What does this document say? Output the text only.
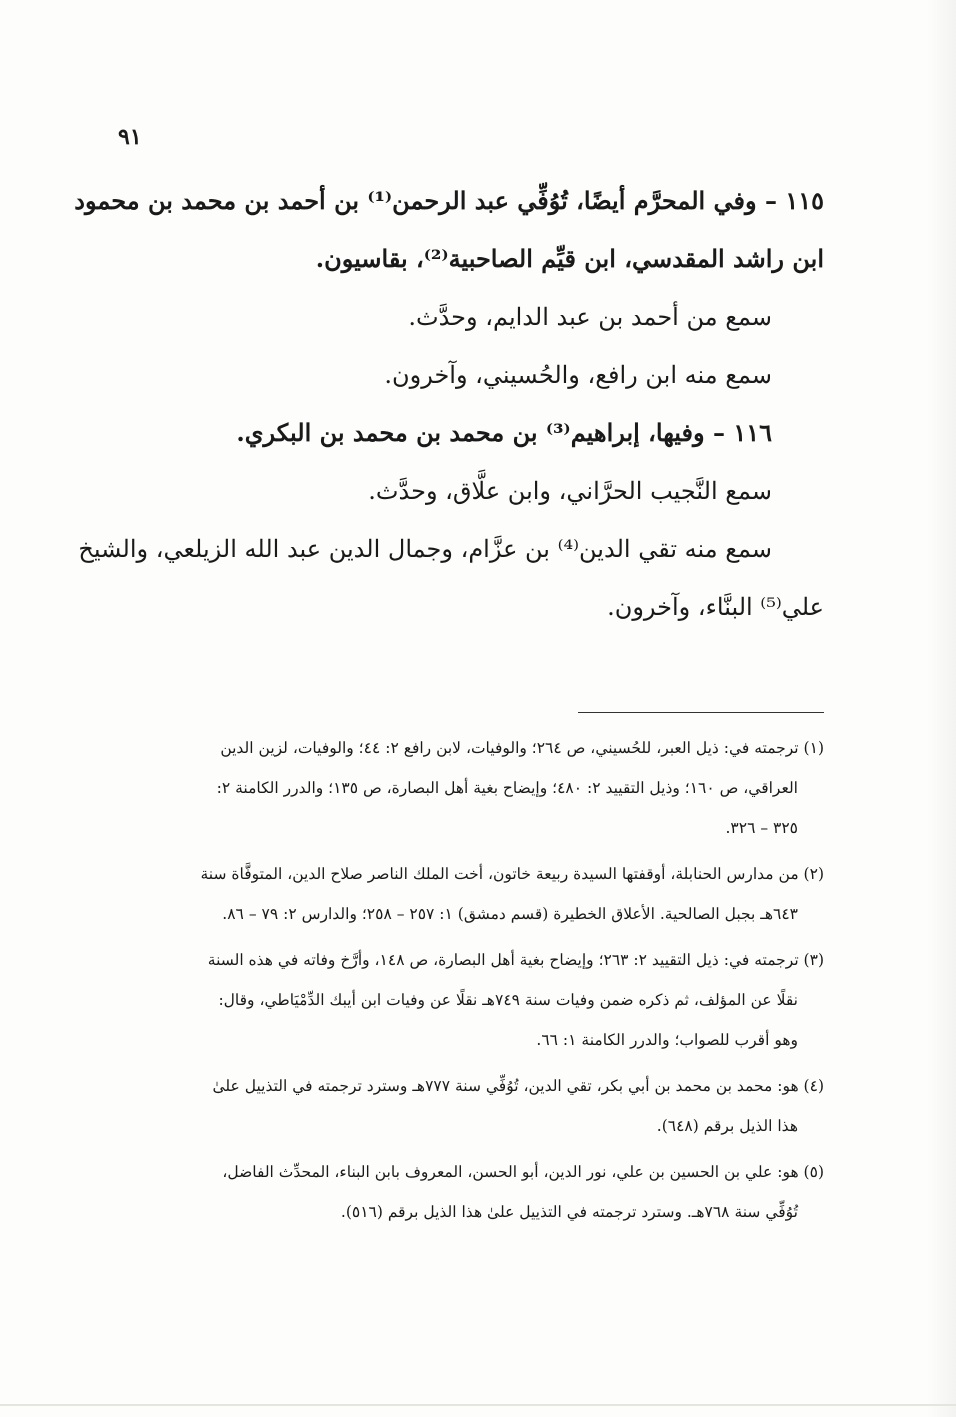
٩١

١١٥ – وفي المحرَّم أيضًا، تُوُفِّي عبد الرحمن⁽¹⁾ بن أحمد بن محمد بن محمود

ابن راشد المقدسي، ابن قيِّم الصاحبية⁽²⁾، بقاسيون.

سمع من أحمد بن عبد الدايم، وحدَّث.

سمع منه ابن رافع، والحُسيني، وآخرون.

١١٦ – وفيها، إبراهيم⁽³⁾ بن محمد بن محمد بن البكري.

سمع النَّجيب الحرَّاني، وابن علَّاق، وحدَّث.

سمع منه تقي الدين⁽⁴⁾ بن عزَّام، وجمال الدين عبد الله الزيلعي، والشيخ

علي⁽⁵⁾ البنَّاء، وآخرون.

(١) ترجمته في: ذيل العبر، للحُسيني، ص ٢٦٤؛ والوفيات، لابن رافع ٢: ٤٤؛ والوفيات، لزين الدين

العراقي، ص ١٦٠؛ وذيل التقييد ٢: ٤٨٠؛ وإيضاح بغية أهل البصارة، ص ١٣٥؛ والدرر الكامنة ٢:

٣٢٥ – ٣٢٦.

(٢) من مدارس الحنابلة، أوقفتها السيدة ربيعة خاتون، أخت الملك الناصر صلاح الدين، المتوفَّاة سنة

٦٤٣هـ بجبل الصالحية. الأعلاق الخطيرة (قسم دمشق) ١: ٢٥٧ – ٢٥٨؛ والدارس ٢: ٧٩ – ٨٦.

(٣) ترجمته في: ذيل التقييد ٢: ٢٦٣؛ وإيضاح بغية أهل البصارة، ص ١٤٨، وأرَّخ وفاته في هذه السنة

نقلًا عن المؤلف، ثم ذكره ضمن وفيات سنة ٧٤٩هـ نقلًا عن وفيات ابن أيبك الدِّمْيَاطي، وقال:

وهو أقرب للصواب؛ والدرر الكامنة ١: ٦٦.

(٤) هو: محمد بن محمد بن أبي بكر، تقي الدين، تُوُفِّي سنة ٧٧٧هـ وسترد ترجمته في التذييل علىٰ

هذا الذيل برقم (٦٤٨).

(٥) هو: علي بن الحسين بن علي، نور الدين، أبو الحسن، المعروف بابن البناء، المحدِّث الفاضل،

تُوُفِّي سنة ٧٦٨هـ. وسترد ترجمته في التذييل علىٰ هذا الذيل برقم (٥١٦).
